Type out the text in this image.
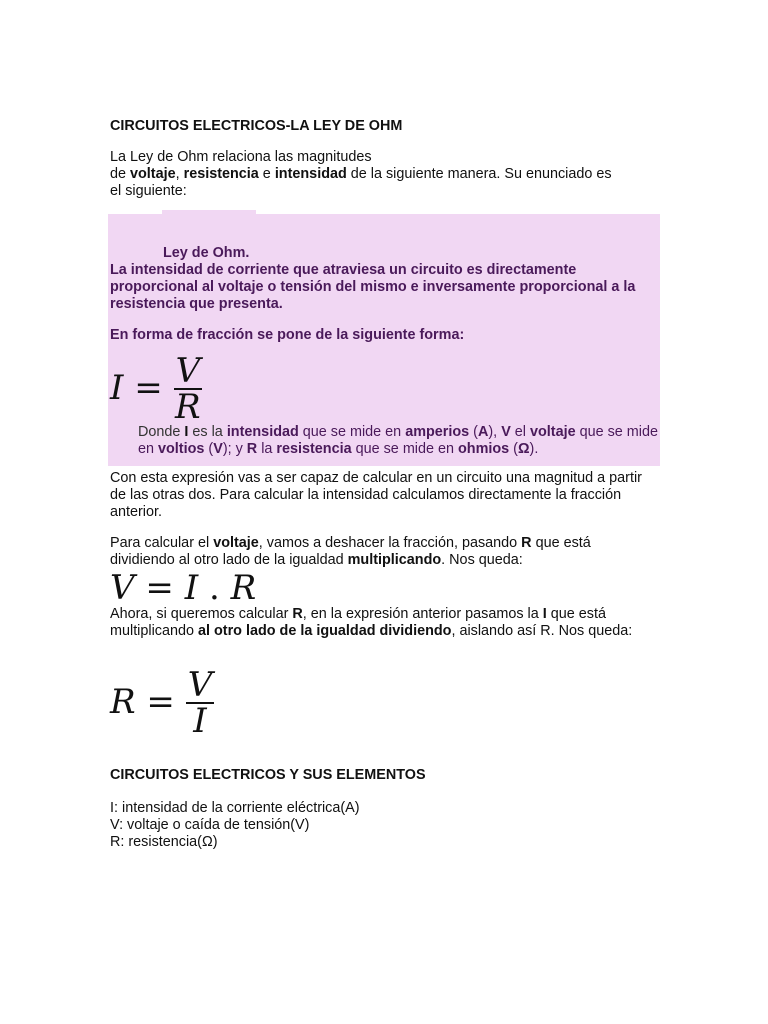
CIRCUITOS ELECTRICOS-LA LEY DE OHM
La Ley de Ohm relaciona las magnitudes
de voltaje, resistencia e intensidad de la siguiente manera. Su enunciado es
el siguiente:
Ley de Ohm.
La intensidad de corriente que atraviesa un circuito es directamente proporcional al voltaje o tensión del mismo e inversamente proporcional a la resistencia que presenta.
En forma de fracción se pone de la siguiente forma:
$I = \frac{V}{R}$
Donde I es la intensidad que se mide en amperios (A), V el voltaje que se mide en voltios (V); y R la resistencia que se mide en ohmios (Ω).
Con esta expresión vas a ser capaz de calcular en un circuito una magnitud a partir de las otras dos. Para calcular la intensidad calculamos directamente la fracción anterior.
Para calcular el voltaje, vamos a deshacer la fracción, pasando R que está dividiendo al otro lado de la igualdad multiplicando. Nos queda:
V = I . R
Ahora, si queremos calcular R, en la expresión anterior pasamos la I que está multiplicando al otro lado de la igualdad dividiendo, aislando así R. Nos queda:
$R = \frac{V}{I}$
CIRCUITOS ELECTRICOS Y SUS ELEMENTOS
I: intensidad de la corriente eléctrica(A)
V: voltaje o caída de tensión(V)
R: resistencia(Ω)
